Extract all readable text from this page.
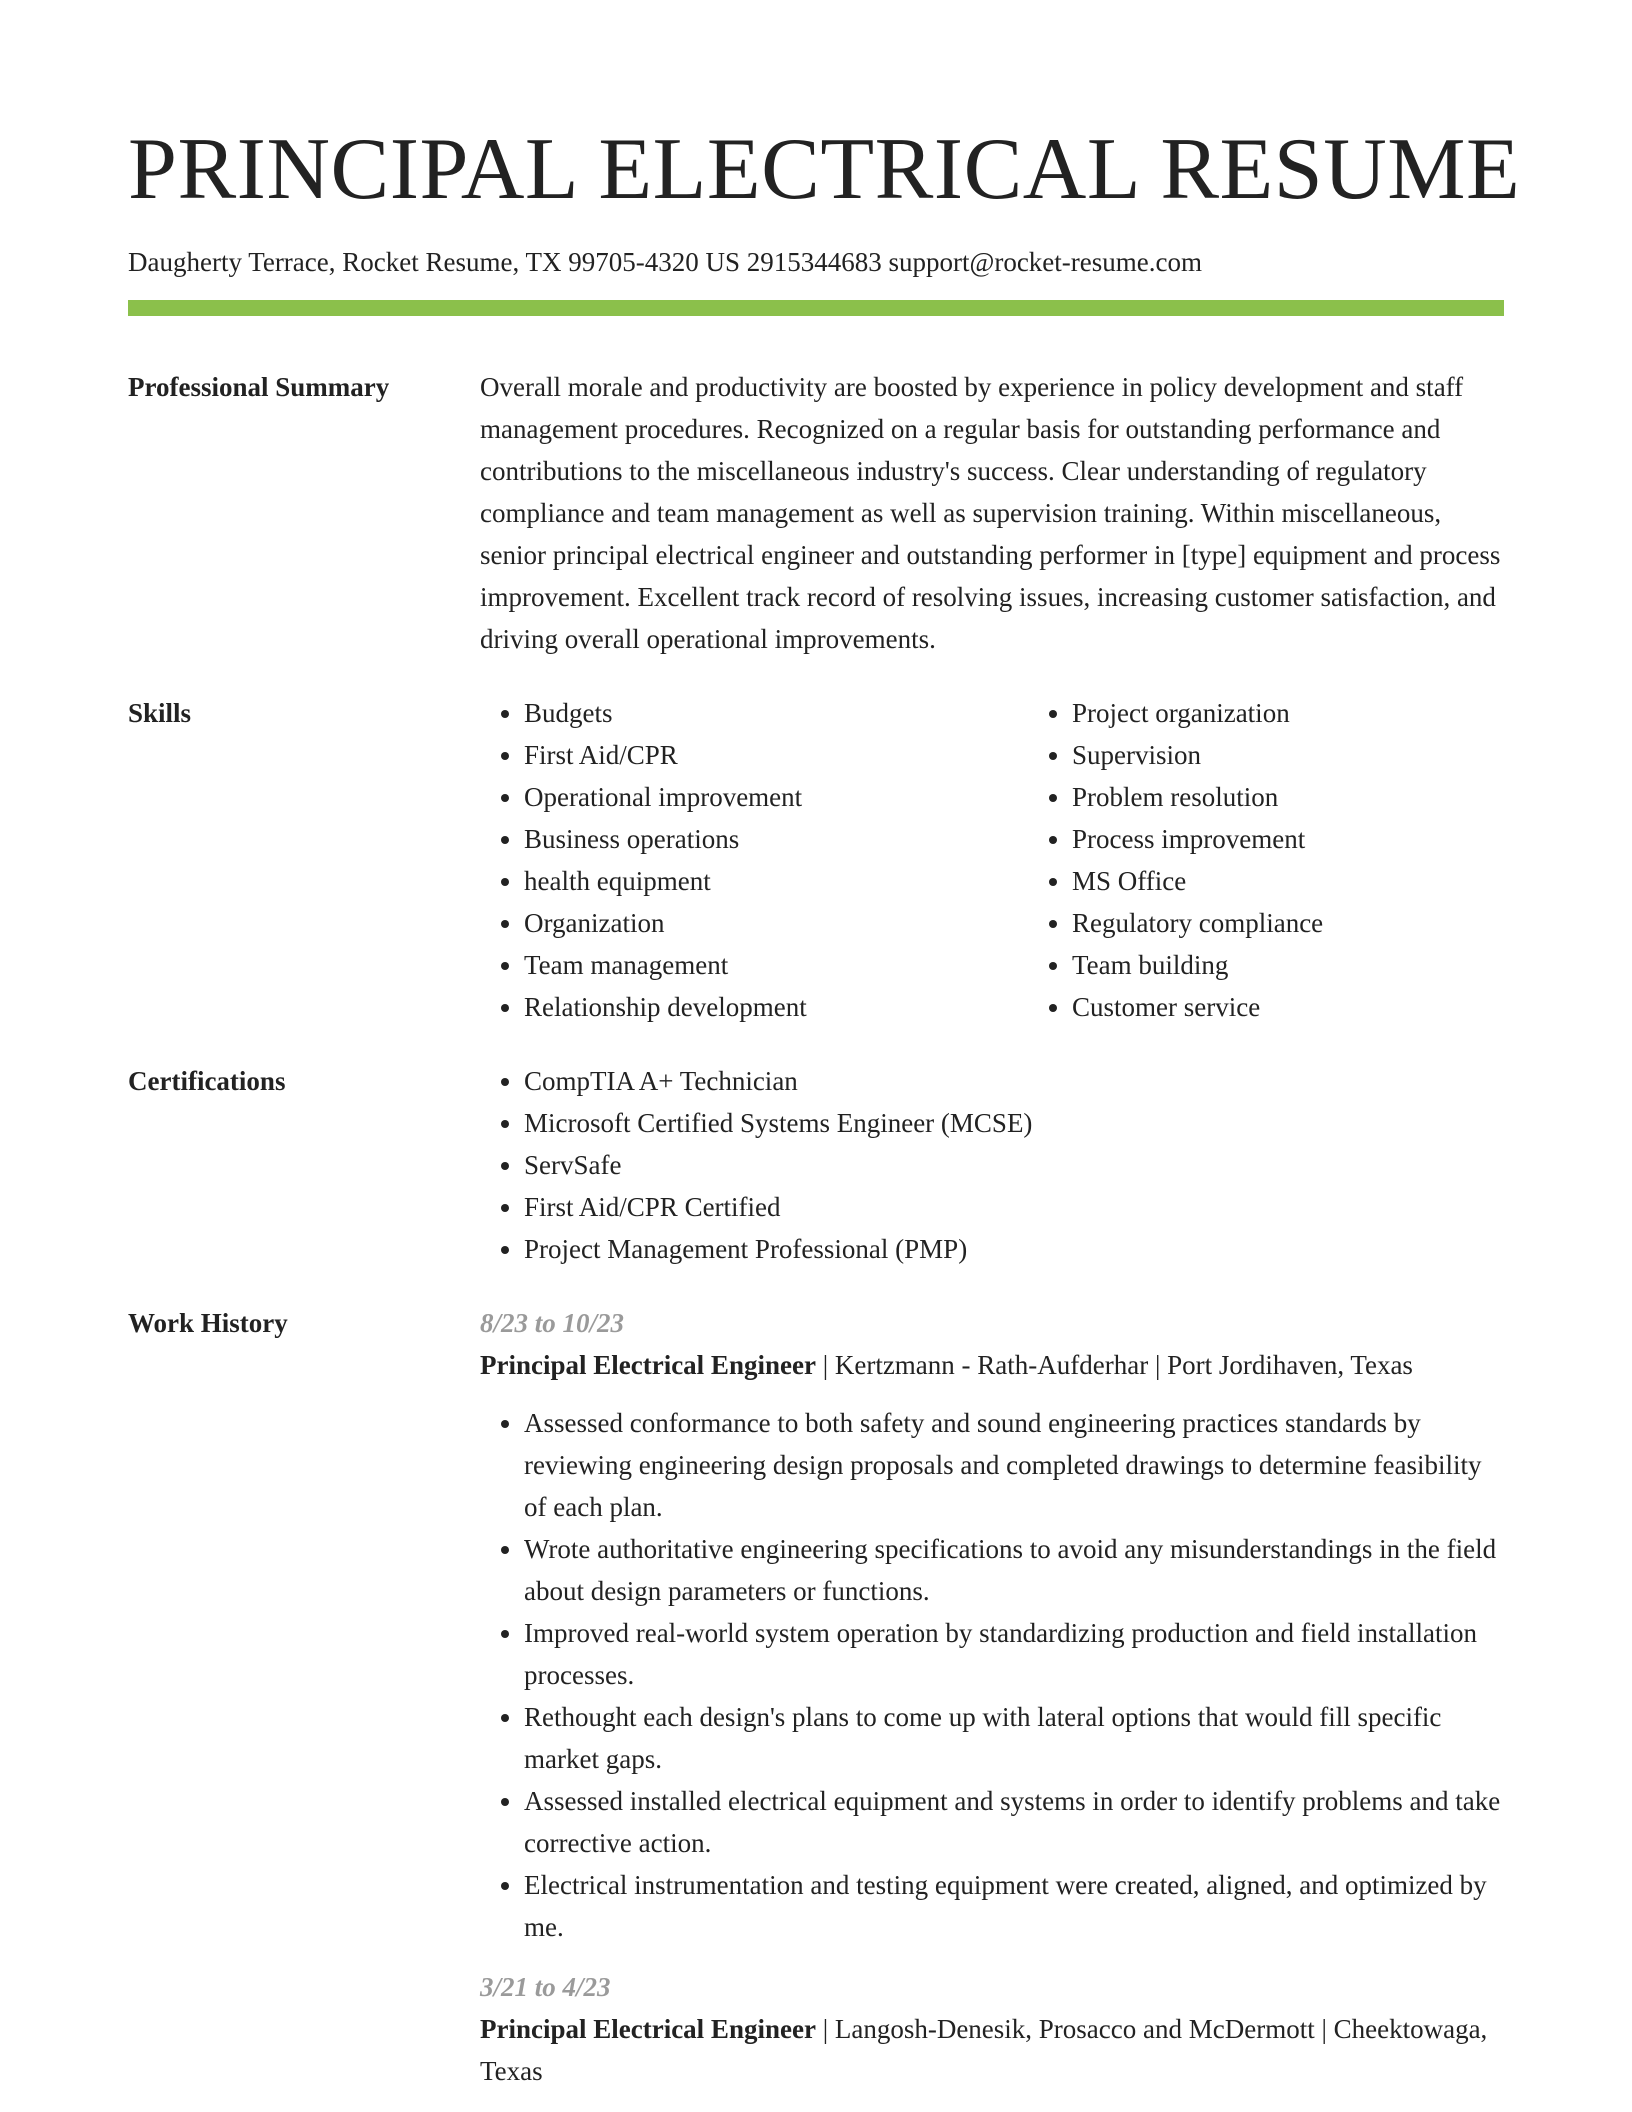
PRINCIPAL ELECTRICAL RESUME
Daugherty Terrace, Rocket Resume, TX 99705-4320 US 2915344683 support@rocket-resume.com
Professional Summary	Overall morale and productivity are boosted by experience in policy development and staff management procedures. Recognized on a regular basis for outstanding performance and contributions to the miscellaneous industry's success. Clear understanding of regulatory compliance and team management as well as supervision training. Within miscellaneous, senior principal electrical engineer and outstanding performer in [type] equipment and process improvement. Excellent track record of resolving issues, increasing customer satisfaction, and driving overall operational improvements.

Skills	• Budgets
• First Aid/CPR
• Operational improvement
• Business operations
• health equipment
• Organization
• Team management
• Relationship development
• Project organization
• Supervision
• Problem resolution
• Process improvement
• MS Office
• Regulatory compliance
• Team building
• Customer service
Certifications	• CompTIA A+ Technician
• Microsoft Certified Systems Engineer (MCSE)
• ServSafe
• First Aid/CPR Certified
• Project Management Professional (PMP)
Work History	8/23 to 10/23
Principal Electrical Engineer | Kertzmann - Rath-Aufderhar | Port Jordihaven, Texas
• Assessed conformance to both safety and sound engineering practices standards by reviewing engineering design proposals and completed drawings to determine feasibility of each plan.
• Wrote authoritative engineering specifications to avoid any misunderstandings in the field about design parameters or functions.
• Improved real-world system operation by standardizing production and field installation processes.
• Rethought each design's plans to come up with lateral options that would fill specific market gaps.
• Assessed installed electrical equipment and systems in order to identify problems and take corrective action.
• Electrical instrumentation and testing equipment were created, aligned, and optimized by me.
3/21 to 4/23
Principal Electrical Engineer | Langosh-Denesik, Prosacco and McDermott | Cheektowaga, Texas
